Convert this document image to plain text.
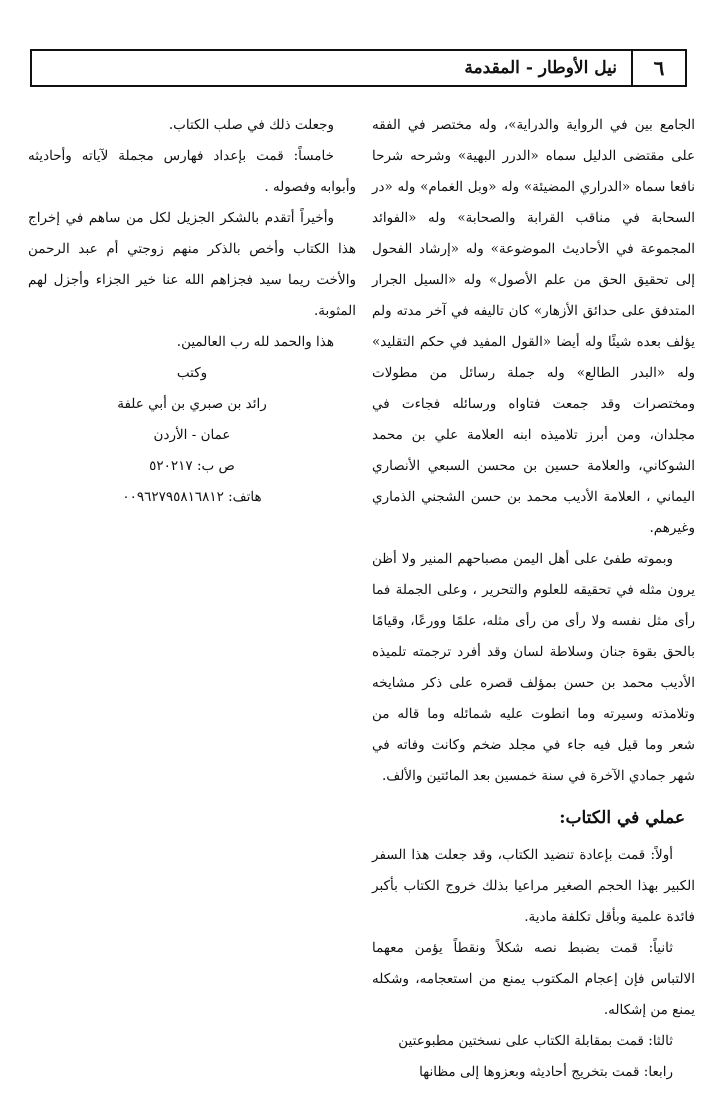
٦
نيل الأوطار - المقدمة

الجامع بين في الرواية والدراية»، وله مختصر في الفقه على مقتضى الدليل سماه «الدرر البهية» وشرحه شرحا نافعا سماه «الدراري المضيئة» وله «وبل الغمام» وله «در السحابة في مناقب القرابة والصحابة» وله «الفوائد المجموعة في الأحاديث الموضوعة» وله «إرشاد الفحول إلى تحقيق الحق من علم الأصول» وله «السيل الجرار المتدفق على حدائق الأزهار» كان تاليفه في آخر مدته ولم يؤلف بعده شيئًا وله أيضا «القول المفيد في حكم التقليد» وله «البدر الطالع» وله جملة رسائل من مطولات ومختصرات وقد جمعت فتاواه ورسائله فجاءت في مجلدان، ومن أبرز تلاميذه ابنه العلامة علي بن محمد الشوكاني، والعلامة حسين بن محسن السبعي الأنصاري اليماني ، العلامة الأديب محمد بن حسن الشجني الذماري وغيرهم.

وبموته طفئ على أهل اليمن مصباحهم المنير ولا أظن يرون مثله في تحقيقه للعلوم والتحرير ، وعلى الجملة فما رأى مثل نفسه ولا رأى من رأى مثله، علمًا وورعًا، وقيامًا بالحق بقوة جنان وسلاطة لسان وقد أفرد ترجمته تلميذه الأديب محمد بن حسن بمؤلف قصره على ذكر مشايخه وتلامذته وسيرته وما انطوت عليه شمائله وما قاله من شعر وما قيل فيه جاء في مجلد ضخم وكانت وفاته في شهر جمادي الآخرة في سنة خمسين بعد المائتين والألف.

عملي في الكتاب:

أولاً: قمت بإعادة تنضيد الكتاب، وقد جعلت هذا السفر الكبير بهذا الحجم الصغير مراعيا بذلك خروج الكتاب بأكبر فائدة علمية وبأقل تكلفة مادية.

ثانياً: قمت بضبط نصه شكلاً ونقطاً يؤمن معهما الالتباس فإن إعجام المكتوب يمنع من استعجامه، وشكله يمنع من إشكاله.

ثالثا: قمت بمقابلة الكتاب على نسختين مطبوعتين

رابعا: قمت بتخريج أحاديثه وبعزوها إلى مظانها

وجعلت ذلك في صلب الكتاب.

خامساً: قمت بإعداد فهارس مجملة لآياته وأحاديثه وأبوابه وفصوله .

وأخيراً أتقدم بالشكر الجزيل لكل من ساهم في إخراج هذا الكتاب وأخص بالذكر منهم زوجتي أم عبد الرحمن والأخت ريما سيد فجزاهم الله عنا خير الجزاء وأجزل لهم المثوبة.

هذا والحمد لله رب العالمين.

وكتب

رائد بن صبري بن أبي علفة

عمان - الأردن

ص ب: ٥٢٠٢١٧

هاتف: ٠٠٩٦٢٧٩٥٨١٦٨١٢
